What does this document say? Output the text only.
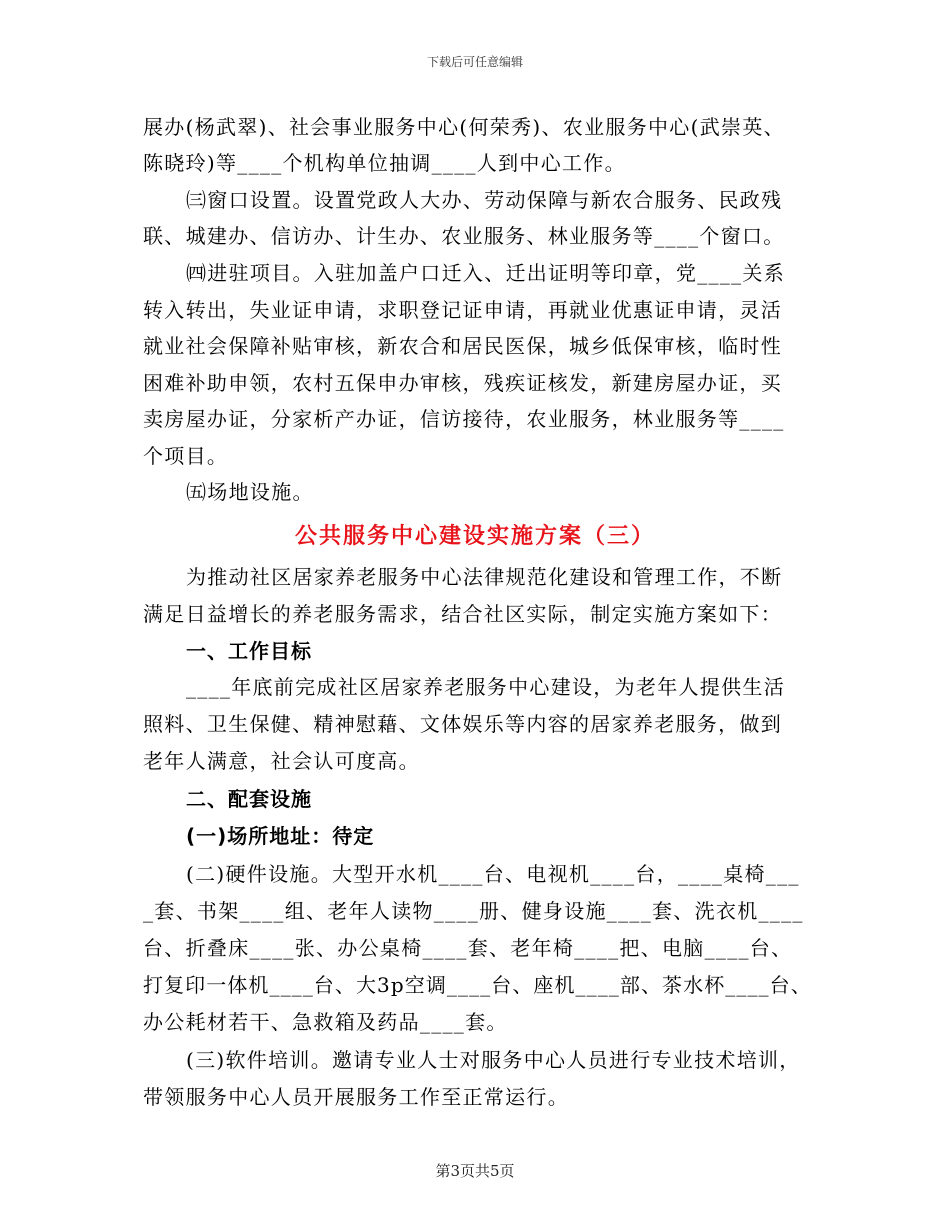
下载后可任意编辑
展办(杨武翠)、社会事业服务中心(何荣秀)、农业服务中心(武崇英、
陈晓玲)等____个机构单位抽调____人到中心工作。
㈢窗口设置。设置党政人大办、劳动保障与新农合服务、民政残
联、城建办、信访办、计生办、农业服务、林业服务等____个窗口。
㈣进驻项目。入驻加盖户口迁入、迁出证明等印章，党____关系
转入转出，失业证申请，求职登记证申请，再就业优惠证申请，灵活
就业社会保障补贴审核，新农合和居民医保，城乡低保审核，临时性
困难补助申领，农村五保申办审核，残疾证核发，新建房屋办证，买
卖房屋办证，分家析产办证，信访接待，农业服务，林业服务等____
个项目。
㈤场地设施。
公共服务中心建设实施方案（三）
为推动社区居家养老服务中心法律规范化建设和管理工作，不断
满足日益增长的养老服务需求，结合社区实际，制定实施方案如下：
一、工作目标
____年底前完成社区居家养老服务中心建设，为老年人提供生活
照料、卫生保健、精神慰藉、文体娱乐等内容的居家养老服务，做到
老年人满意，社会认可度高。
二、配套设施
(一)场所地址：待定
(二)硬件设施。大型开水机____台、电视机____台，____桌椅___
_套、书架____组、老年人读物____册、健身设施____套、洗衣机____
台、折叠床____张、办公桌椅____套、老年椅____把、电脑____台、
打复印一体机____台、大3p空调____台、座机____部、茶水杯____台、
办公耗材若干、急救箱及药品____套。
(三)软件培训。邀请专业人士对服务中心人员进行专业技术培训，
带领服务中心人员开展服务工作至正常运行。
第3页共5页
